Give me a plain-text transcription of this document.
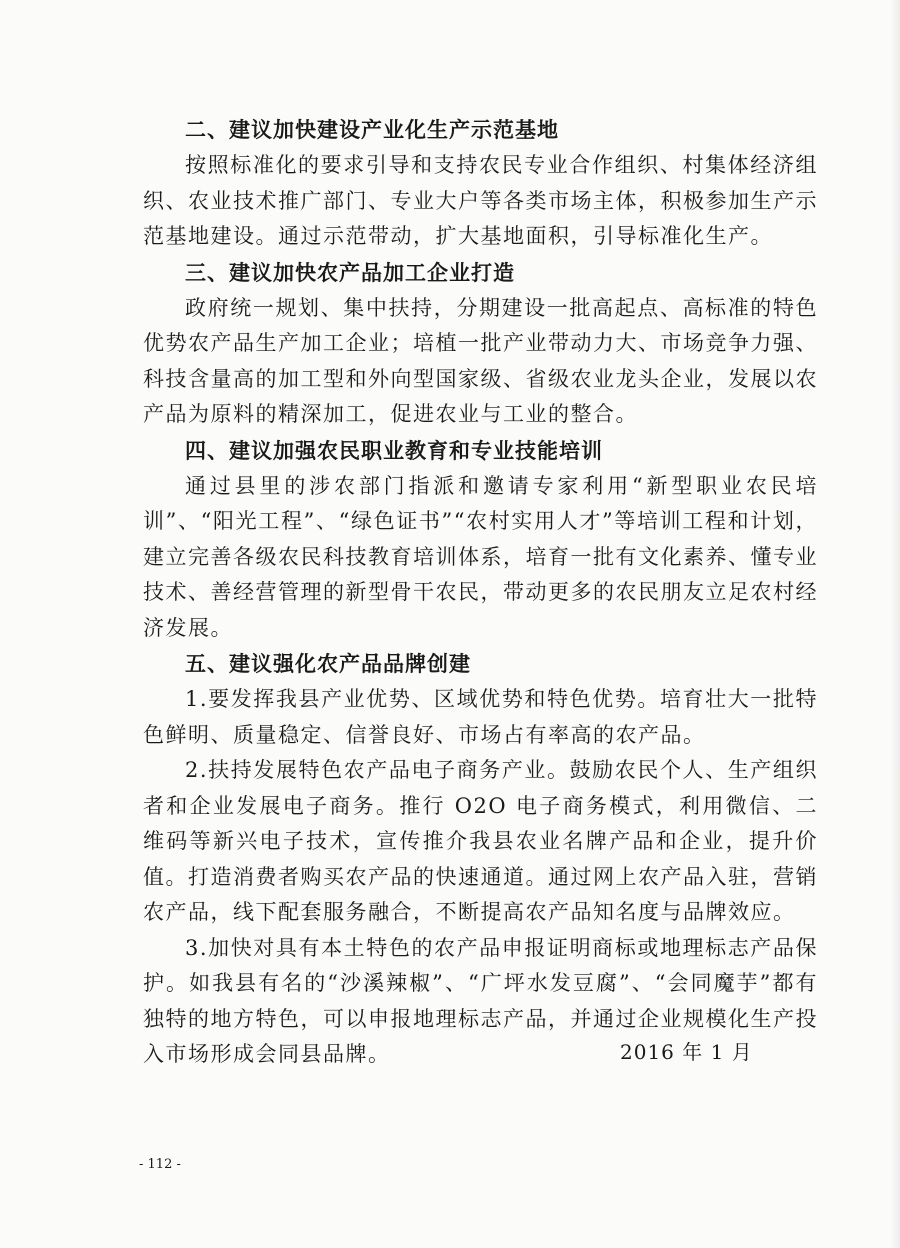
二、建议加快建设产业化生产示范基地

按照标准化的要求引导和支持农民专业合作组织、村集体经济组织、农业技术推广部门、专业大户等各类市场主体，积极参加生产示范基地建设。通过示范带动，扩大基地面积，引导标准化生产。

三、建议加快农产品加工企业打造

政府统一规划、集中扶持，分期建设一批高起点、高标准的特色优势农产品生产加工企业；培植一批产业带动力大、市场竞争力强、科技含量高的加工型和外向型国家级、省级农业龙头企业，发展以农产品为原料的精深加工，促进农业与工业的整合。

四、建议加强农民职业教育和专业技能培训

通过县里的涉农部门指派和邀请专家利用“新型职业农民培训”、“阳光工程”、“绿色证书”“农村实用人才”等培训工程和计划，建立完善各级农民科技教育培训体系，培育一批有文化素养、懂专业技术、善经营管理的新型骨干农民，带动更多的农民朋友立足农村经济发展。

五、建议强化农产品品牌创建

1.要发挥我县产业优势、区域优势和特色优势。培育壮大一批特色鲜明、质量稳定、信誉良好、市场占有率高的农产品。

2.扶持发展特色农产品电子商务产业。鼓励农民个人、生产组织者和企业发展电子商务。推行 O2O 电子商务模式，利用微信、二维码等新兴电子技术，宣传推介我县农业名牌产品和企业，提升价值。打造消费者购买农产品的快速通道。通过网上农产品入驻，营销农产品，线下配套服务融合，不断提高农产品知名度与品牌效应。

3.加快对具有本土特色的农产品申报证明商标或地理标志产品保护。如我县有名的“沙溪辣椒”、“广坪水发豆腐”、“会同魔芋”都有独特的地方特色，可以申报地理标志产品，并通过企业规模化生产投入市场形成会同县品牌。	2016 年 1 月
- 112 -
